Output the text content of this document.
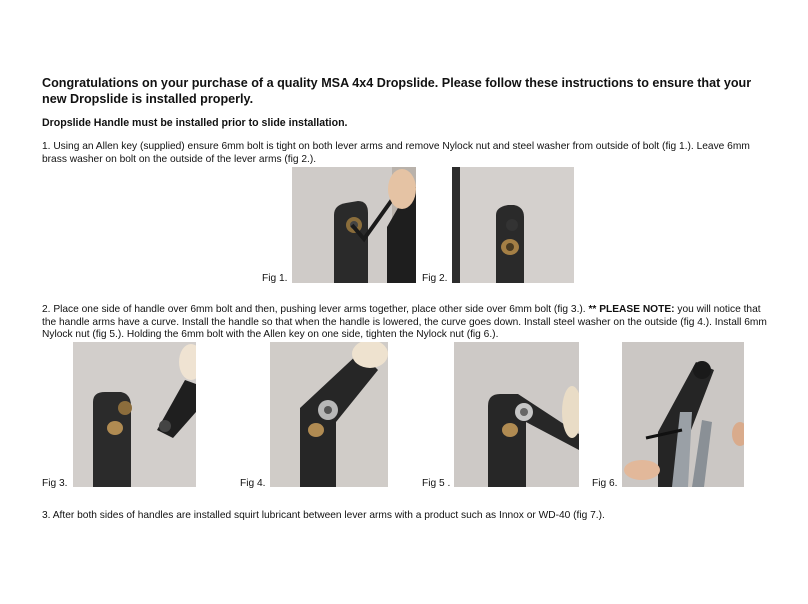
Congratulations on your purchase of a quality MSA 4x4 Dropslide. Please follow these instructions to ensure that your new Dropslide is installed properly.
Dropslide Handle must be installed prior to slide installation.
1. Using an Allen key (supplied) ensure 6mm bolt is tight on both lever arms and remove Nylock nut and steel washer from outside of bolt (fig 1.). Leave 6mm brass washer on bolt on the outside of the lever arms (fig 2.).
Fig 1.	Fig 2.
2. Place one side of handle over 6mm bolt and then, pushing lever arms together, place other side over 6mm bolt (fig 3.). ** PLEASE NOTE: you will notice that the handle arms have a curve. Install the handle so that when the handle is lowered, the curve goes down. Install steel washer on the outside (fig 4.). Install 6mm Nylock nut (fig 5.). Holding the 6mm bolt with the Allen key on one side, tighten the Nylock nut (fig 6.).
Fig 3.	Fig 4.	Fig 5 .	Fig 6.
3. After both sides of handles are installed squirt lubricant between lever arms with a product such as Innox or WD-40 (fig 7.).
